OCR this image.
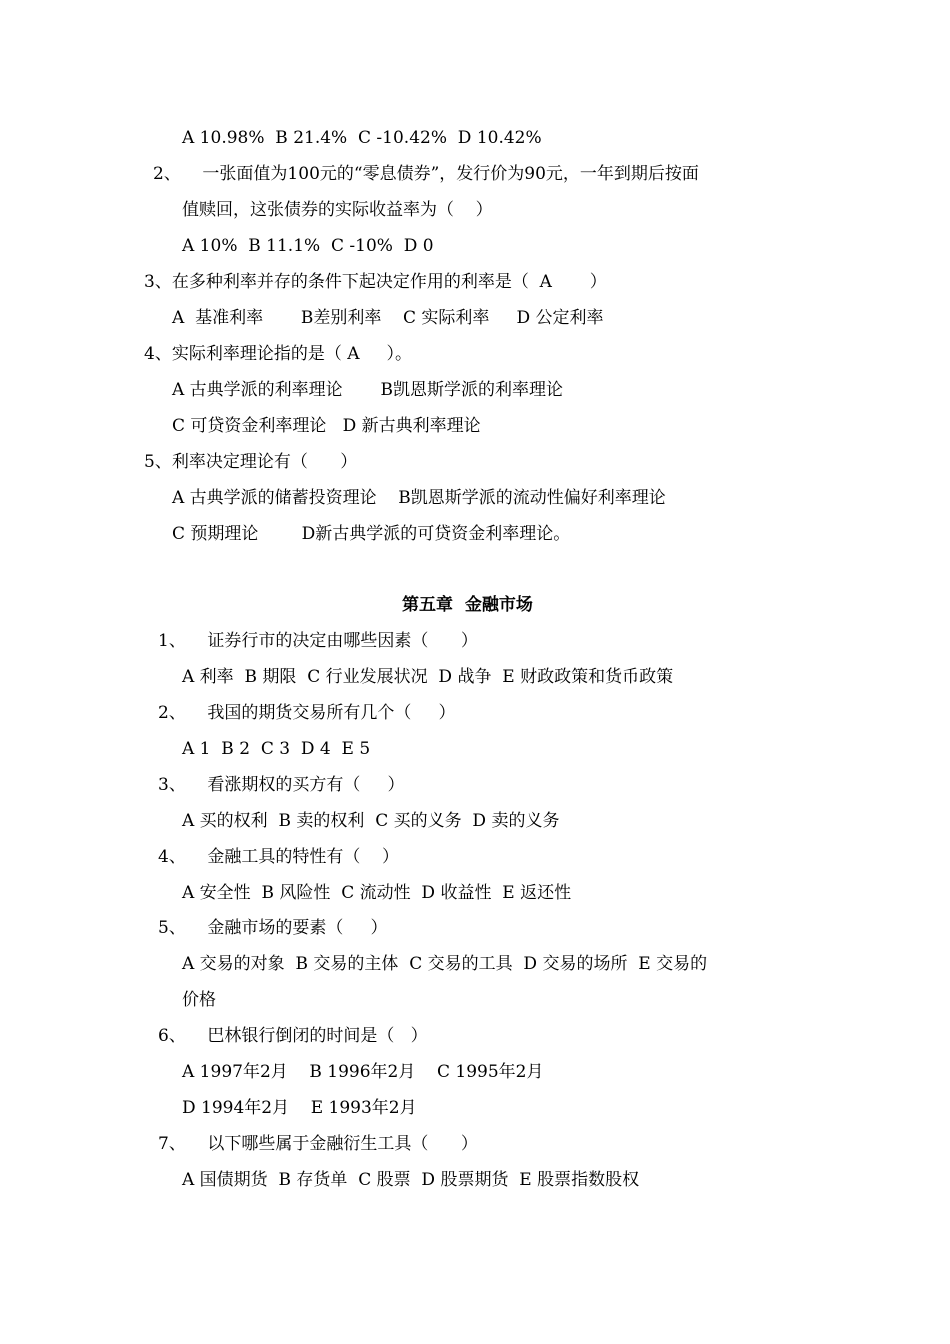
A 10.98%  B 21.4%  C -10.42%  D 10.42%
2、    一张面值为100元的“零息债券”，发行价为90元，一年到期后按面
值赎回，这张债券的实际收益率为（    ）
A 10%  B 11.1%  C -10%  D 0
3、在多种利率并存的条件下起决定作用的利率是（  A       ）
A  基准利率       B差别利率    C 实际利率     D 公定利率
4、实际利率理论指的是（ A     ）。
A 古典学派的利率理论       B凯恩斯学派的利率理论
C 可贷资金利率理论   D 新古典利率理论
5、利率决定理论有（      ）
A 古典学派的储蓄投资理论    B凯恩斯学派的流动性偏好利率理论
C 预期理论        D新古典学派的可贷资金利率理论。
第五章  金融市场
1、    证券行市的决定由哪些因素（      ）
A 利率  B 期限  C 行业发展状况  D 战争  E 财政政策和货币政策
2、    我国的期货交易所有几个（     ）
A 1  B 2  C 3  D 4  E 5
3、    看涨期权的买方有（     ）
A 买的权利  B 卖的权利  C 买的义务  D 卖的义务
4、    金融工具的特性有（    ）
A 安全性  B 风险性  C 流动性  D 收益性  E 返还性
5、    金融市场的要素（     ）
A 交易的对象  B 交易的主体  C 交易的工具  D 交易的场所  E 交易的
价格
6、    巴林银行倒闭的时间是（   ）
A 1997年2月    B 1996年2月    C 1995年2月
D 1994年2月    E 1993年2月
7、    以下哪些属于金融衍生工具（      ）
A 国债期货  B 存货单  C 股票  D 股票期货  E 股票指数股权
